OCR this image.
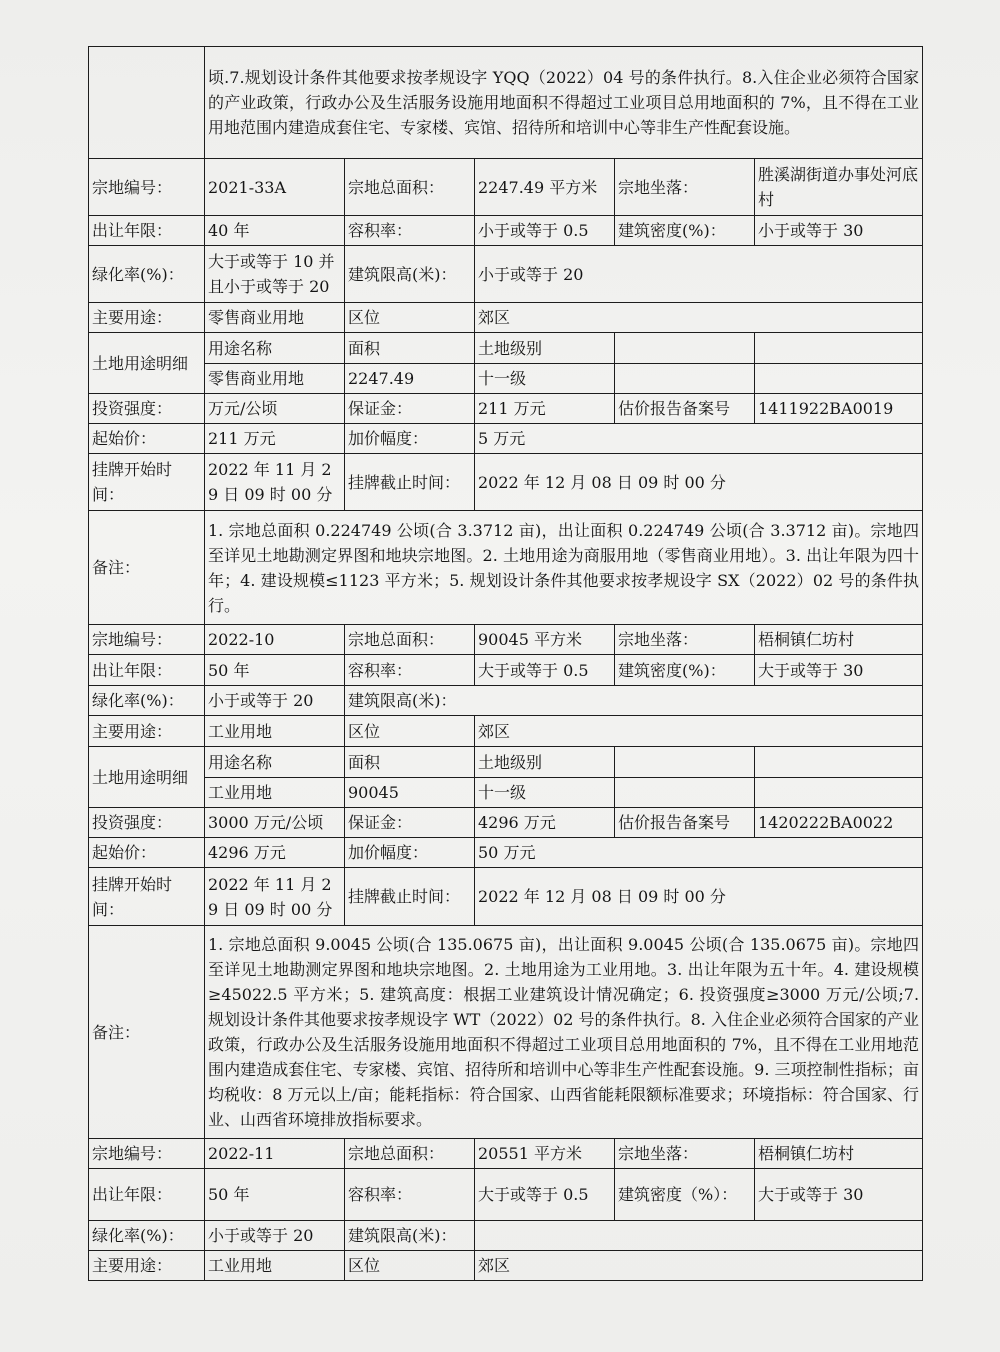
	顷.7.规划设计条件其他要求按孝规设字 YQQ（2022）04 号的条件执行。8.入住企业必须符合国家的产业政策，行政办公及生活服务设施用地面积不得超过工业项目总用地面积的 7%，且不得在工业用地范围内建造成套住宅、专家楼、宾馆、招待所和培训中心等非生产性配套设施。				
宗地编号：	2021-33A	宗地总面积：	2247.49 平方米	宗地坐落：	胜溪湖街道办事处河底村
出让年限：	40 年	容积率：	小于或等于 0.5	建筑密度(%)：	小于或等于 30
绿化率(%)：	大于或等于 10 并且小于或等于 20	建筑限高(米)：	小于或等于 20		
主要用途：	零售商业用地	区位	郊区		
土地用途明细	用途名称	面积	土地级别		
	零售商业用地	2247.49	十一级		
投资强度：	万元/公顷	保证金：	211 万元	估价报告备案号	1411922BA0019
起始价：	211 万元	加价幅度：	5 万元		
挂牌开始时间：	2022 年 11 月 29 日 09 时 00 分	挂牌截止时间：	2022 年 12 月 08 日 09 时 00 分		
备注：	1. 宗地总面积 0.224749 公顷(合 3.3712 亩)，出让面积 0.224749 公顷(合 3.3712 亩)。宗地四至详见土地勘测定界图和地块宗地图。2. 土地用途为商服用地（零售商业用地）。3. 出让年限为四十年；4. 建设规模≤1123 平方米；5. 规划设计条件其他要求按孝规设字 SX（2022）02 号的条件执行。				
宗地编号：	2022-10	宗地总面积：	90045 平方米	宗地坐落：	梧桐镇仁坊村
出让年限：	50 年	容积率：	大于或等于 0.5	建筑密度(%)：	大于或等于 30
绿化率(%)：	小于或等于 20	建筑限高(米)：			
主要用途：	工业用地	区位	郊区		
土地用途明细	用途名称	面积	土地级别		
	工业用地	90045	十一级		
投资强度：	3000 万元/公顷	保证金：	4296 万元	估价报告备案号	1420222BA0022
起始价：	4296 万元	加价幅度：	50 万元		
挂牌开始时间：	2022 年 11 月 29 日 09 时 00 分	挂牌截止时间：	2022 年 12 月 08 日 09 时 00 分		
备注：	1. 宗地总面积 9.0045 公顷(合 135.0675 亩)，出让面积 9.0045 公顷(合 135.0675 亩)。宗地四至详见土地勘测定界图和地块宗地图。2. 土地用途为工业用地。3. 出让年限为五十年。4. 建设规模≥45022.5 平方米；5. 建筑高度：根据工业建筑设计情况确定；6. 投资强度≥3000 万元/公顷;7. 规划设计条件其他要求按孝规设字 WT（2022）02 号的条件执行。8. 入住企业必须符合国家的产业政策，行政办公及生活服务设施用地面积不得超过工业项目总用地面积的 7%，且不得在工业用地范围内建造成套住宅、专家楼、宾馆、招待所和培训中心等非生产性配套设施。9. 三项控制性指标；亩均税收：8 万元以上/亩；能耗指标：符合国家、山西省能耗限额标准要求；环境指标：符合国家、行业、山西省环境排放指标要求。				
宗地编号：	2022-11	宗地总面积：	20551 平方米	宗地坐落：	梧桐镇仁坊村
出让年限：	50 年	容积率：	大于或等于 0.5	建筑密度（%）：	大于或等于 30
绿化率(%)：	小于或等于 20	建筑限高(米)：			
主要用途：	工业用地	区位	郊区		
